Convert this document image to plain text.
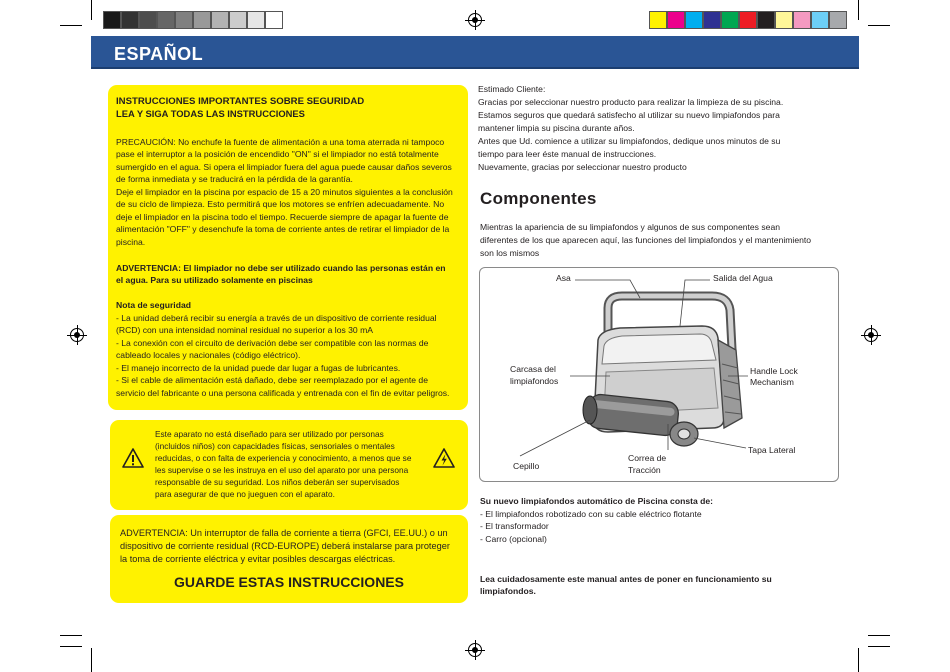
ESPAÑOL
INSTRUCCIONES IMPORTANTES SOBRE SEGURIDAD
LEA Y SIGA TODAS LAS INSTRUCCIONES
PRECAUCIÓN: No enchufe la fuente de alimentación a una toma aterrada ni tampoco
pase el interruptor a la posición de encendido "ON" si el limpiador no está totalmente
sumergido en el agua. Si opera el limpiador fuera del agua puede causar daños severos
de forma inmediata y se traducirá en la pérdida de la garantía.
Deje el limpiador en la piscina por espacio de 15 a 20 minutos siguientes a la conclusión
de su ciclo de limpieza. Esto permitirá que los motores se enfríen adecuadamente. No
deje el limpiador en la piscina todo el tiempo. Recuerde siempre de apagar la fuente de
alimentación "OFF" y desenchufe la toma de corriente antes de retirar el limpiador de la
piscina.
ADVERTENCIA: El limpiador no debe ser utilizado cuando las personas están en
el agua. Para su utilizado solamente en piscinas
Nota de seguridad
- La unidad deberá recibir su energía a través de un dispositivo de corriente residual
(RCD) con una intensidad nominal residual no superior a los 30 mA
- La conexión con el circuito de derivación debe ser compatible con las normas de
cableado locales y nacionales (código eléctrico).
- El manejo incorrecto de la unidad puede dar lugar a fugas de lubricantes.
- Si el cable de alimentación está dañado, debe ser reemplazado por el agente de
servicio del fabricante o una persona calificada y entrenada con el fin de evitar peligros.
Este aparato no está diseñado para ser utilizado por personas
(incluidos niños) con capacidades físicas, sensoriales o mentales
reducidas, o con falta de experiencia y conocimiento, a menos que se
les supervise o se les instruya en el uso del aparato por una persona
responsable de su seguridad. Los niños deberán ser supervisados
para asegurar de que no jueguen con el aparato.
ADVERTENCIA: Un interruptor de falla de corriente a tierra (GFCI, EE.UU.) o un
dispositivo de corriente residual (RCD-EUROPE) deberá instalarse para proteger
la toma de corriente eléctrica y evitar posibles descargas eléctricas.
GUARDE ESTAS INSTRUCCIONES
Estimado Cliente:
Gracias por seleccionar nuestro producto para realizar la limpieza de su piscina.
Estamos seguros que quedará satisfecho al utilizar su nuevo limpiafondos para
mantener limpia su piscina durante años.
Antes que Ud. comience a utilizar su limpiafondos, dedique unos minutos de su
tiempo para leer éste manual de instrucciones.
Nuevamente, gracias por seleccionar nuestro producto
Componentes
Mientras la apariencia de su limpiafondos y algunos de sus componentes sean
diferentes de los que aparecen aquí, las funciones del limpiafondos y el mantenimiento
son los mismos
Asa	Salida del Agua
Carcasa del
limpiafondos
Handle Lock
Mechanism
Tapa Lateral
Correa de
Tracción
Cepillo
Su nuevo limpiafondos automático de Piscina consta de:
- El limpiafondos robotizado con su cable eléctrico flotante
- El transformador
- Carro (opcional)
Lea cuidadosamente este manual antes de poner en funcionamiento su
limpiafondos.
